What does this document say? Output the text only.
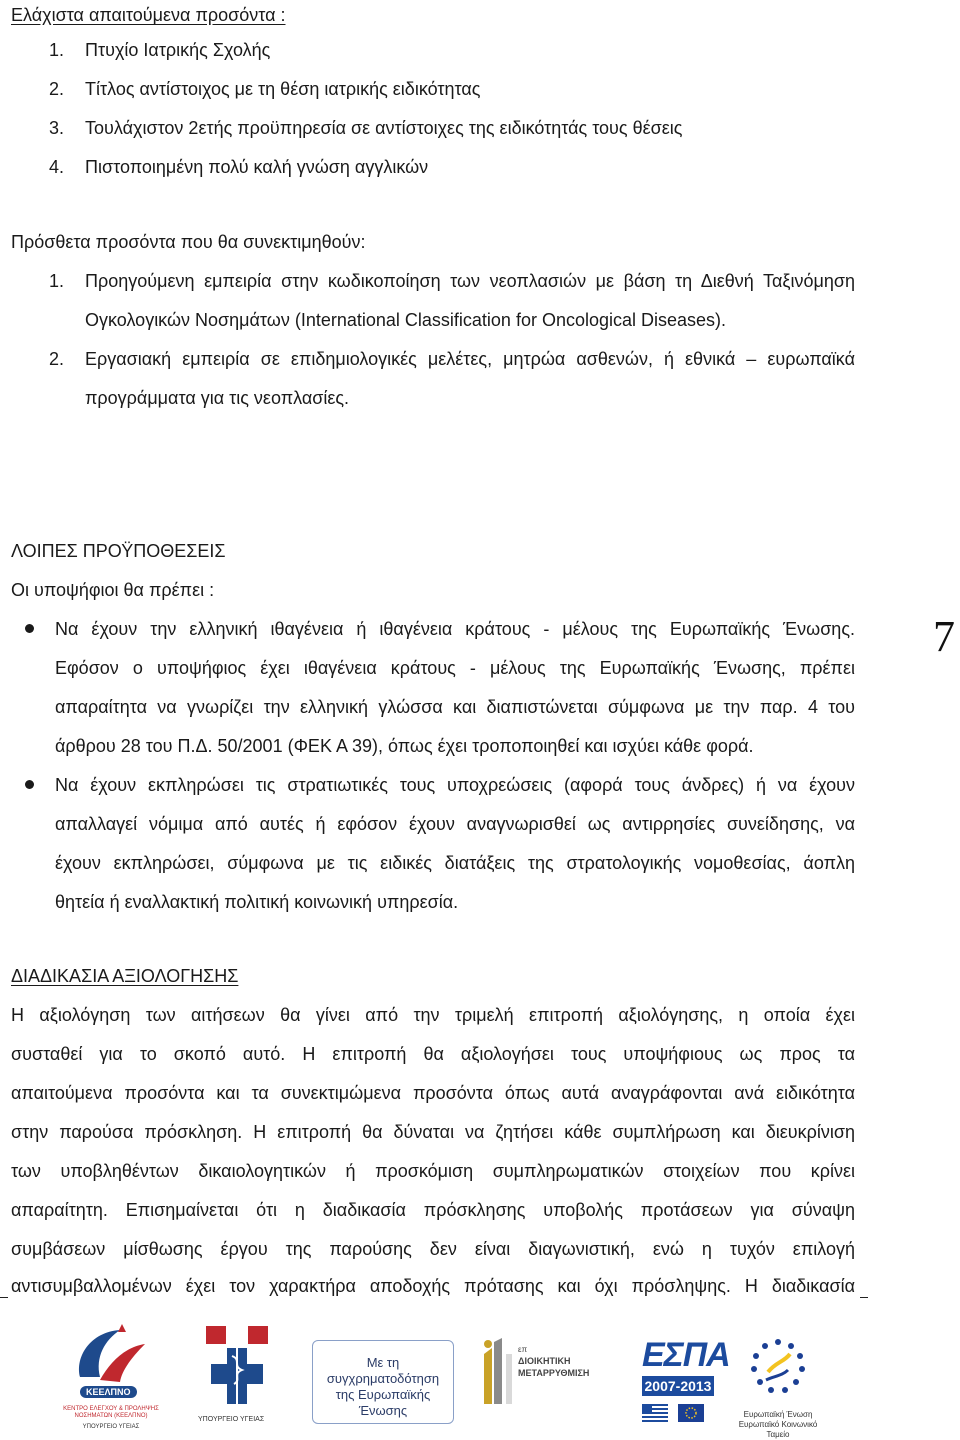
Ελάχιστα απαιτούμενα προσόντα :
1. Πτυχίο Ιατρικής Σχολής
2. Τίτλος αντίστοιχος με τη θέση ιατρικής ειδικότητας
3. Τουλάχιστον 2ετής προϋπηρεσία σε αντίστοιχες της ειδικότητάς τους θέσεις
4. Πιστοποιημένη πολύ καλή γνώση αγγλικών
Πρόσθετα προσόντα που θα συνεκτιμηθούν:
1. Προηγούμενη εμπειρία στην κωδικοποίηση των νεοπλασιών με βάση τη Διεθνή Ταξινόμηση
Ογκολογικών Νοσημάτων (International Classification for Oncological Diseases).
2. Εργασιακή εμπειρία σε επιδημιολογικές μελέτες, μητρώα ασθενών, ή εθνικά – ευρωπαϊκά
προγράμματα για τις νεοπλασίες.
ΛΟΙΠΕΣ ΠΡΟΫΠΟΘΕΣΕΙΣ
Οι υποψήφιοι θα πρέπει :
Να έχουν την ελληνική ιθαγένεια ή ιθαγένεια κράτους - μέλους της Ευρωπαϊκής Ένωσης.
Εφόσον ο υποψήφιος έχει ιθαγένεια κράτους - μέλους της Ευρωπαϊκής Ένωσης, πρέπει
απαραίτητα να γνωρίζει την ελληνική γλώσσα και διαπιστώνεται σύμφωνα με την παρ. 4 του
άρθρου 28 του Π.Δ. 50/2001 (ΦΕΚ Α 39), όπως έχει τροποποιηθεί και ισχύει κάθε φορά.
Να έχουν εκπληρώσει τις στρατιωτικές τους υποχρεώσεις (αφορά τους άνδρες) ή να έχουν
απαλλαγεί νόμιμα από αυτές ή εφόσον έχουν αναγνωρισθεί ως αντιρρησίες συνείδησης, να
έχουν εκπληρώσει, σύμφωνα με τις ειδικές διατάξεις της στρατολογικής νομοθεσίας, άοπλη
θητεία ή εναλλακτική πολιτική κοινωνική υπηρεσία.
ΔΙΑΔΙΚΑΣΙΑ ΑΞΙΟΛΟΓΗΣΗΣ
Η αξιολόγηση των αιτήσεων θα γίνει από την τριμελή επιτροπή αξιολόγησης, η οποία έχει
συσταθεί για το σκοπό αυτό. Η επιτροπή θα αξιολογήσει τους υποψήφιους ως προς τα
απαιτούμενα προσόντα και τα συνεκτιμώμενα προσόντα όπως αυτά αναγράφονται ανά ειδικότητα
στην παρούσα πρόσκληση. Η επιτροπή θα δύναται να ζητήσει κάθε συμπλήρωση και διευκρίνιση
των υποβληθέντων δικαιολογητικών ή προσκόμιση συμπληρωματικών στοιχείων που κρίνει
απαραίτητη. Επισημαίνεται ότι η διαδικασία πρόσκλησης υποβολής προτάσεων για σύναψη
συμβάσεων μίσθωσης έργου της παρούσης δεν είναι διαγωνιστική, ενώ η τυχόν επιλογή
αντισυμβαλλομένων έχει τον χαρακτήρα αποδοχής πρότασης και όχι πρόσληψης. Η διαδικασία
7
ΚΕΕΛΠΝΟ
ΚΕΝΤΡΟ ΕΛΕΓΧΟΥ & ΠΡΟΛΗΨΗΣ ΝΟΣΗΜΑΤΩΝ (ΚΕΕΛΠΝΟ)
ΥΠΟΥΡΓΕΙΟ ΥΓΕΙΑΣ
ΥΠΟΥΡΓΕΙΟ ΥΓΕΙΑΣ
Με τη
συγχρηματοδότηση
της Ευρωπαϊκής
Ένωσης
επ
ΔΙΟΙΚΗΤΙΚΗ
ΜΕΤΑΡΡΥΘΜΙΣΗ ΕΣΠΑ
2007-2013
Ευρωπαϊκή Ένωση
Ευρωπαϊκό Κοινωνικό Ταμείο
